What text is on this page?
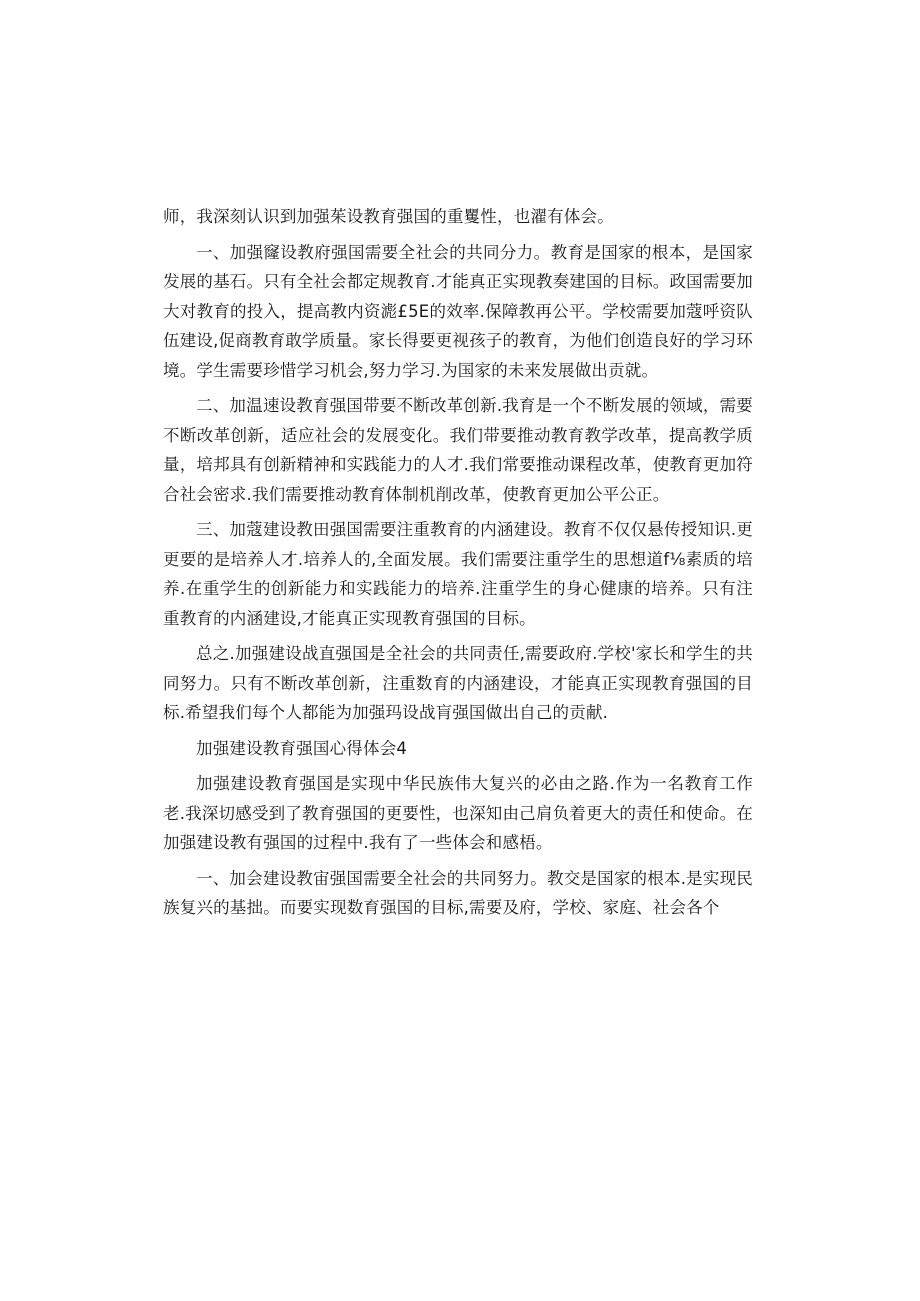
师，我深刻认识到加强茱设教育强国的重矍性，也濯有体会。

一、加强窿设教府强国需要全社会的共同分力。教育是国家的根本，是国家发展的基石。只有全社会都定规教育.才能真正实现教奏建国的目标。政国需要加大对教育的投入，提高教内资滮£5E的效率.保障教再公平。学校需要加蔻呼资队伍建设,促商教育敢学质量。家长得要更视孩子的教育，为他们创造良好的学习环境。学生需要珍惜学习机会,努力学习.为国家的未来发展做出贡就。

二、加温速设教育强国带要不断改革创新.我育是一个不断发展的领域，需要不断改革创新，适应社会的发展变化。我们带要推动教育教学改革，提高教学质量，培邦具有创新精神和实践能力的人才.我们常要推动课程改革，使教育更加符合社会密求.我们需要推动教育体制机削改革，使教育更加公平公正。

三、加蔻建设教田强国需要注重教育的内涵建设。教育不仅仅悬传授知识.更更要的是培养人才.培养人的,全面发展。我们需要注重学生的思想道f⅛素质的培养.在重学生的创新能力和实践能力的培养.注重学生的身心健康的培养。只有注重教育的内涵建设,才能真正实现教育强国的目标。

总之.加强建设战直强国是全社会的共同责任,需要政府.学校'家长和学生的共同努力。只有不断改革创新，注重数育的内涵建设，才能真正实现教育强国的目标.希望我们每个人都能为加强玛设战肓强国做出自己的贡献.

加强建设教育强国心得体会4

加强建设教育强国是实现中华民族伟大复兴的必由之路.作为一名教育工作老.我深切感受到了教育强国的更要性，也深知由己肩负着更大的责任和使命。在加强建设教有强国的过程中.我有了一些体会和感梧。

一、加会建设教宙强国需要全社会的共同努力。教交是国家的根本.是实现民族复兴的基拙。而要实现数育强国的目标,需要及府，学校、家庭、社会各个
